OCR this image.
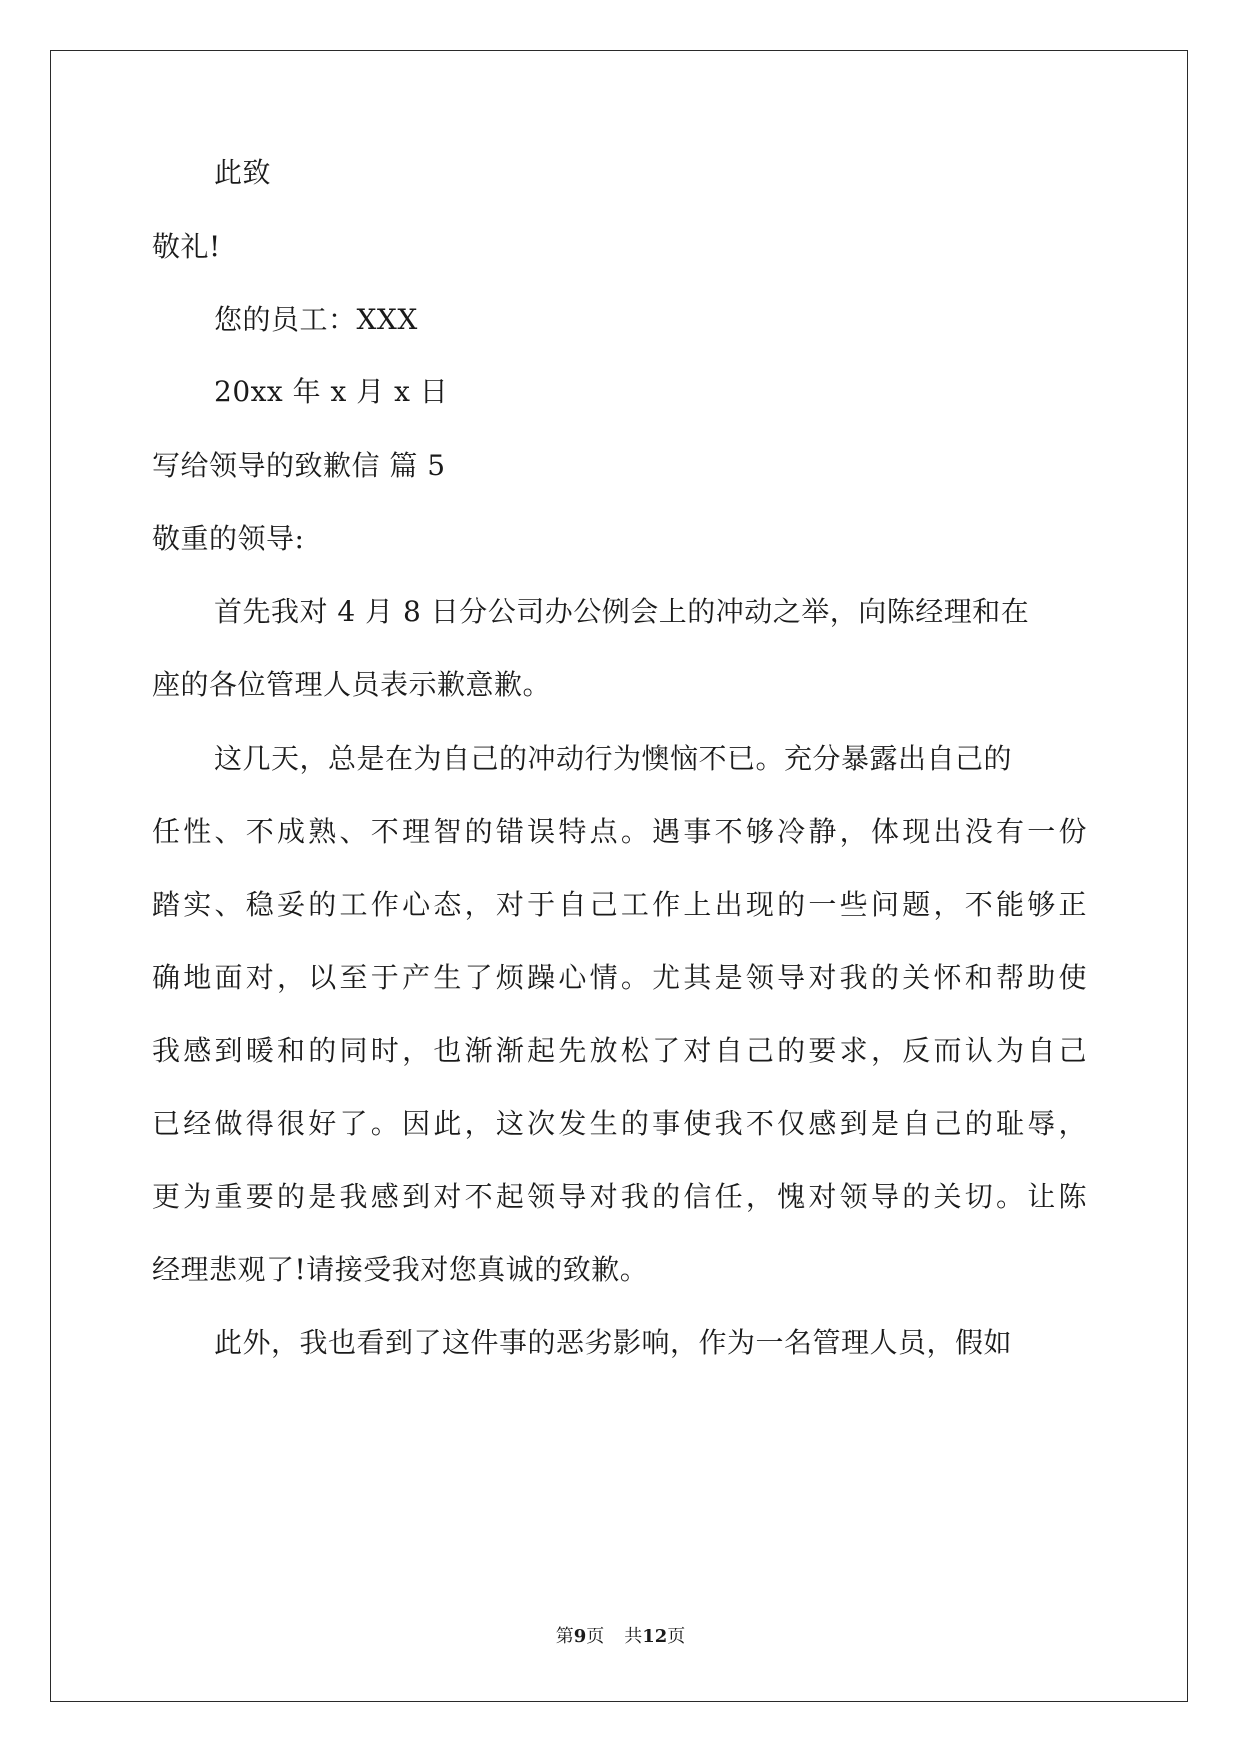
此致
敬礼!
您的员工：XXX
20xx 年 x 月 x 日
写给领导的致歉信 篇 5
敬重的领导:
首先我对 4 月 8 日分公司办公例会上的冲动之举，向陈经理和在
座的各位管理人员表示歉意歉。
这几天，总是在为自己的冲动行为懊恼不已。充分暴露出自己的
任性、不成熟、不理智的错误特点。遇事不够冷静，体现出没有一份
踏实、稳妥的工作心态，对于自己工作上出现的一些问题，不能够正
确地面对，以至于产生了烦躁心情。尤其是领导对我的关怀和帮助使
我感到暖和的同时，也渐渐起先放松了对自己的要求，反而认为自己
已经做得很好了。因此，这次发生的事使我不仅感到是自己的耻辱，
更为重要的是我感到对不起领导对我的信任，愧对领导的关切。让陈
经理悲观了!请接受我对您真诚的致歉。
此外，我也看到了这件事的恶劣影响，作为一名管理人员，假如
第9页 共12页
